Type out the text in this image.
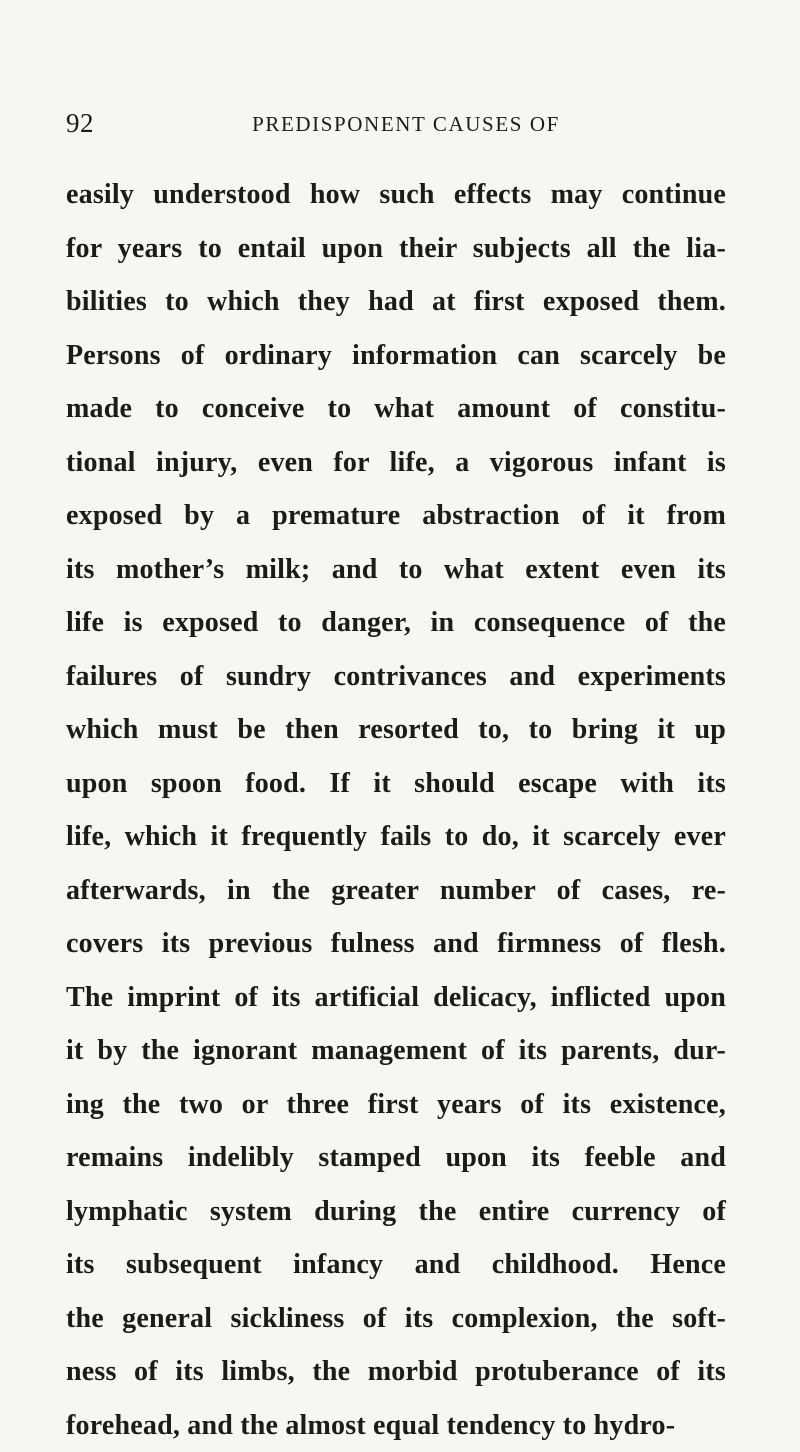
92	PREDISPONENT CAUSES OF
easily understood how such effects may continue
for years to entail upon their subjects all the lia-
bilities to which they had at first exposed them.
Persons of ordinary information can scarcely be
made to conceive to what amount of constitu-
tional injury, even for life, a vigorous infant is
exposed by a premature abstraction of it from
its mother’s milk; and to what extent even its
life is exposed to danger, in consequence of the
failures of sundry contrivances and experiments
which must be then resorted to, to bring it up
upon spoon food. If it should escape with its
life, which it frequently fails to do, it scarcely ever
afterwards, in the greater number of cases, re-
covers its previous fulness and firmness of flesh.
The imprint of its artificial delicacy, inflicted upon
it by the ignorant management of its parents, dur-
ing the two or three first years of its existence,
remains indelibly stamped upon its feeble and
lymphatic system during the entire currency of
its subsequent infancy and childhood. Hence
the general sickliness of its complexion, the soft-
ness of its limbs, the morbid protuberance of its
forehead, and the almost equal tendency to hydro-
